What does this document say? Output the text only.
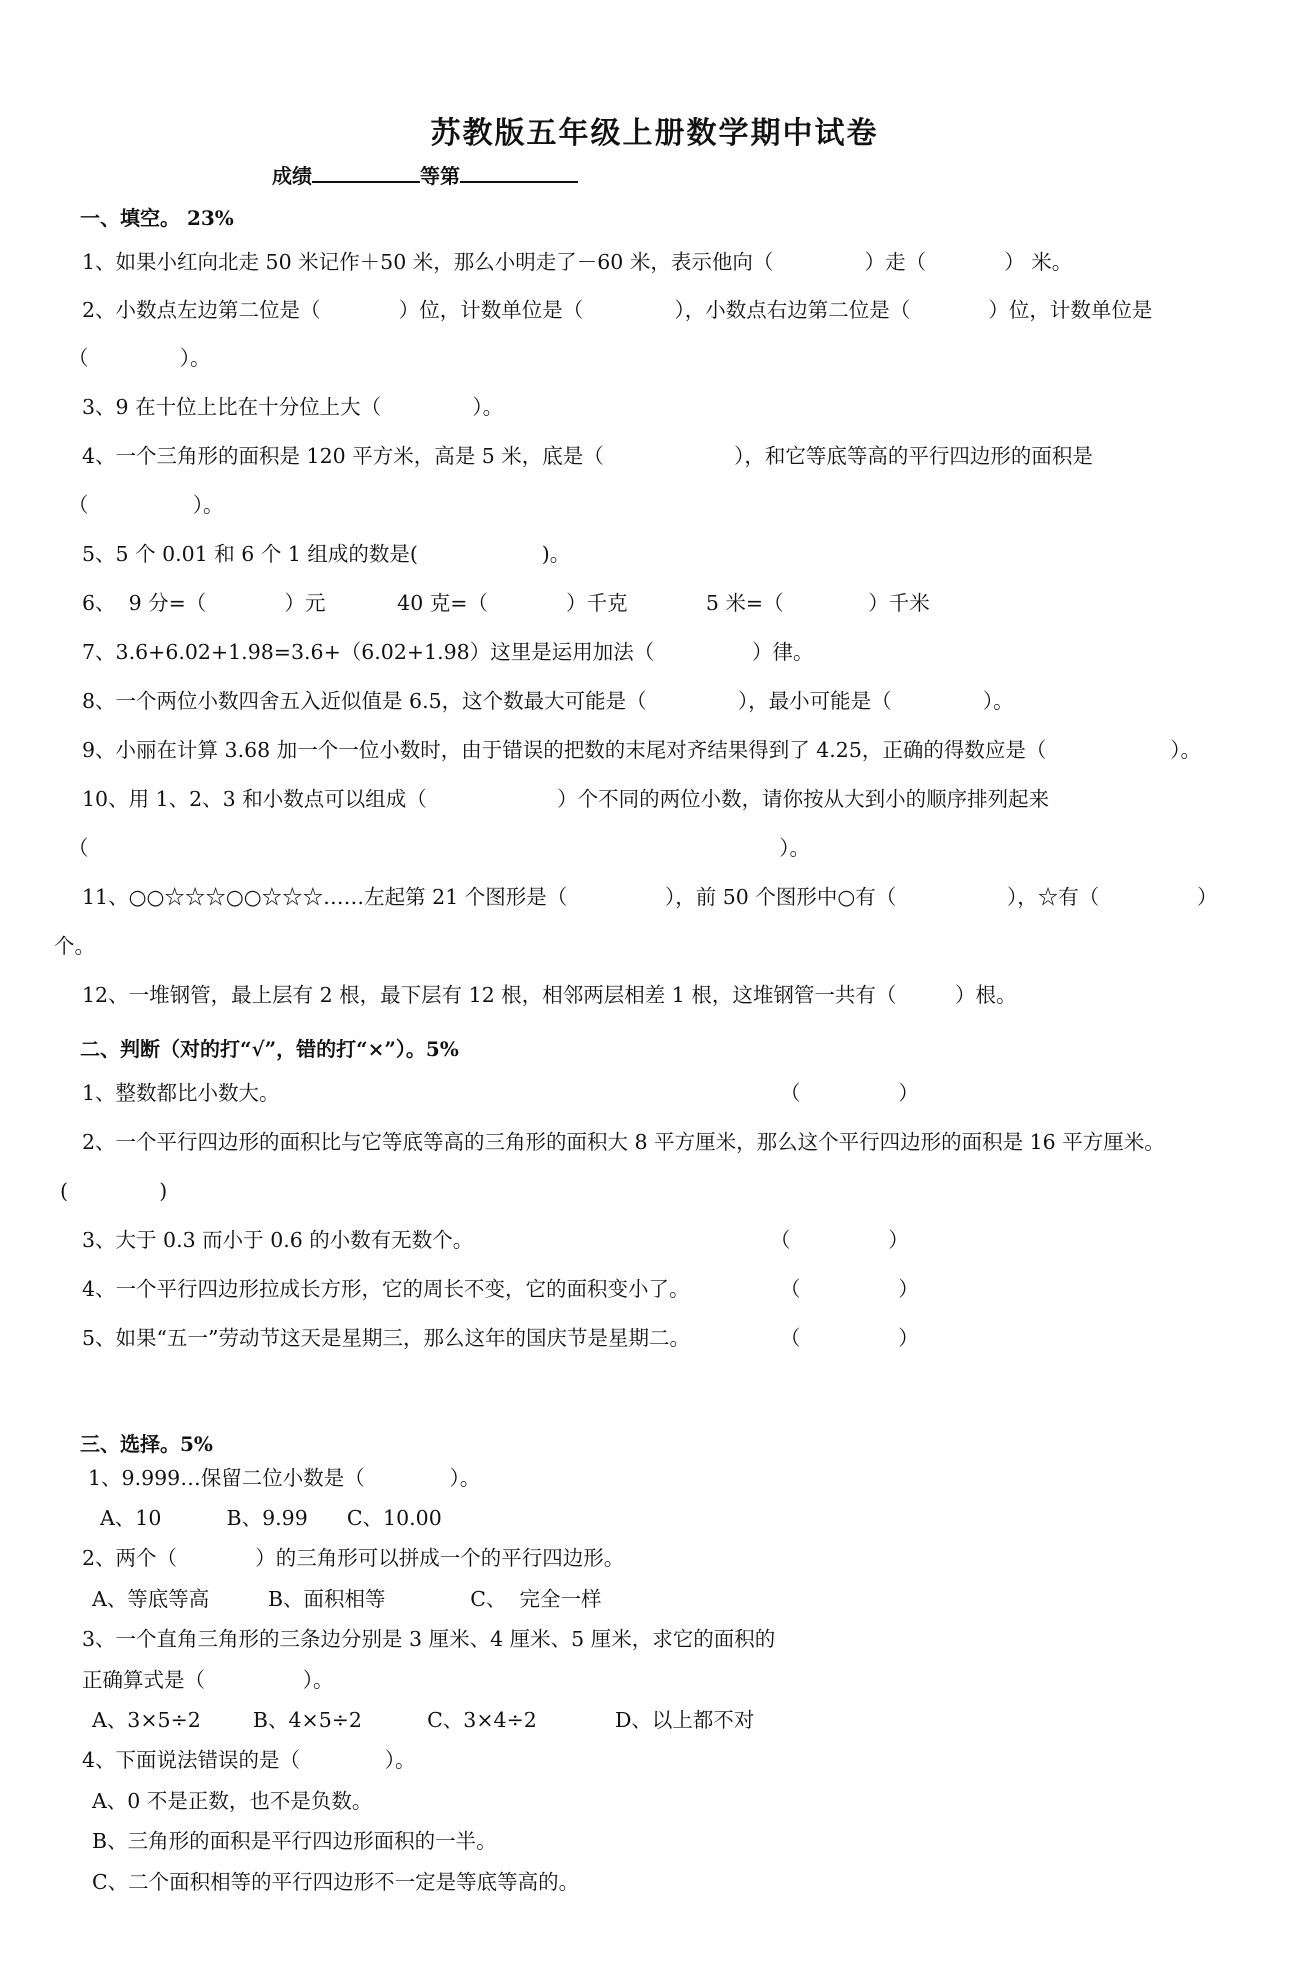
苏教版五年级上册数学期中试卷
成绩	等第
一、填空。 23%
1、如果小红向北走 50 米记作＋50 米，那么小明走了－60 米，表示他向（              ）走（            ） 米。
2、小数点左边第二位是（            ）位，计数单位是（              ），小数点右边第二位是（            ）位，计数单位是
（              ）。
3、9 在十位上比在十分位上大（              ）。
4、一个三角形的面积是 120 平方米，高是 5 米，底是（                    ），和它等底等高的平行四边形的面积是
（                ）。
5、5 个 0.01 和 6 个 1 组成的数是(                   )。
6、  9 分=（            ）元           40 克=（            ）千克            5 米=（             ）千米
7、3.6+6.02+1.98=3.6+（6.02+1.98）这里是运用加法（               ）律。
8、一个两位小数四舍五入近似值是 6.5，这个数最大可能是（              ），最小可能是（              ）。
9、小丽在计算 3.68 加一个一位小数时，由于错误的把数的末尾对齐结果得到了 4.25，正确的得数应是（                   ）。
10、用 1、2、3 和小数点可以组成（                    ）个不同的两位小数，请你按从大到小的顺序排列起来
（                                                                                                          ）。
11、○○☆☆☆○○☆☆☆……左起第 21 个图形是（               ），前 50 个图形中○有（                 ），☆有（               ）
个。
12、一堆钢管，最上层有 2 根，最下层有 12 根，相邻两层相差 1 根，这堆钢管一共有（         ）根。
二、判断（对的打“√”，错的打“×”）。5%
1、整数都比小数大。	（               ）
2、一个平行四边形的面积比与它等底等高的三角形的面积大 8 平方厘米，那么这个平行四边形的面积是 16 平方厘米。
(              )
3、大于 0.3 而小于 0.6 的小数有无数个。	（               ）
4、一个平行四边形拉成长方形，它的周长不变，它的面积变小了。	（               ）
5、如果“五一”劳动节这天是星期三，那么这年的国庆节是星期二。	（               ）
三、选择。5%
1、9.999…保留二位小数是（             ）。
A、10          B、9.99      C、10.00
2、两个（            ）的三角形可以拼成一个的平行四边形。
A、等底等高         B、面积相等             C、  完全一样
3、一个直角三角形的三条边分别是 3 厘米、4 厘米、5 厘米，求它的面积的
正确算式是（               ）。
A、3×5÷2        B、4×5÷2          C、3×4÷2            D、以上都不对
4、下面说法错误的是（             ）。
A、0 不是正数，也不是负数。
B、三角形的面积是平行四边形面积的一半。
C、二个面积相等的平行四边形不一定是等底等高的。
